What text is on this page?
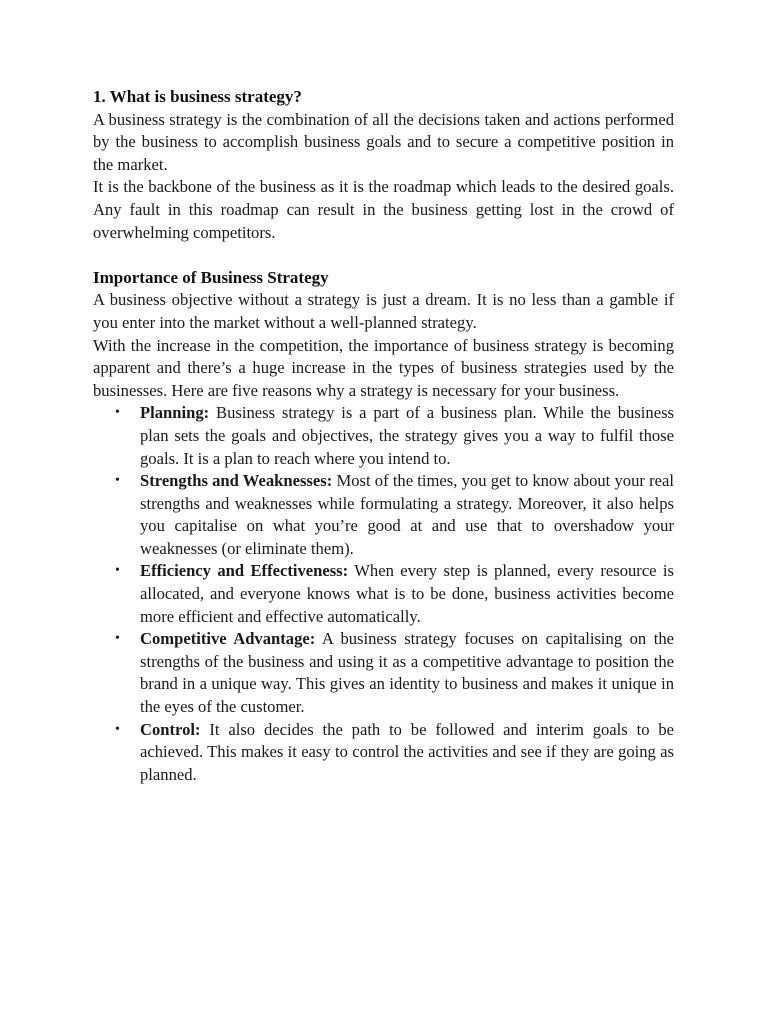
1. What is business strategy?

A business strategy is the combination of all the decisions taken and actions performed by the business to accomplish business goals and to secure a competitive position in the market.

It is the backbone of the business as it is the roadmap which leads to the desired goals. Any fault in this roadmap can result in the business getting lost in the crowd of overwhelming competitors.

Importance of Business Strategy

A business objective without a strategy is just a dream. It is no less than a gamble if you enter into the market without a well-planned strategy.

With the increase in the competition, the importance of business strategy is becoming apparent and there’s a huge increase in the types of business strategies used by the businesses. Here are five reasons why a strategy is necessary for your business.

• Planning: Business strategy is a part of a business plan. While the business plan sets the goals and objectives, the strategy gives you a way to fulfil those goals. It is a plan to reach where you intend to.
• Strengths and Weaknesses: Most of the times, you get to know about your real strengths and weaknesses while formulating a strategy. Moreover, it also helps you capitalise on what you’re good at and use that to overshadow your weaknesses (or eliminate them).
• Efficiency and Effectiveness: When every step is planned, every resource is allocated, and everyone knows what is to be done, business activities become more efficient and effective automatically.
• Competitive Advantage: A business strategy focuses on capitalising on the strengths of the business and using it as a competitive advantage to position the brand in a unique way. This gives an identity to business and makes it unique in the eyes of the customer.
• Control: It also decides the path to be followed and interim goals to be achieved. This makes it easy to control the activities and see if they are going as planned.
